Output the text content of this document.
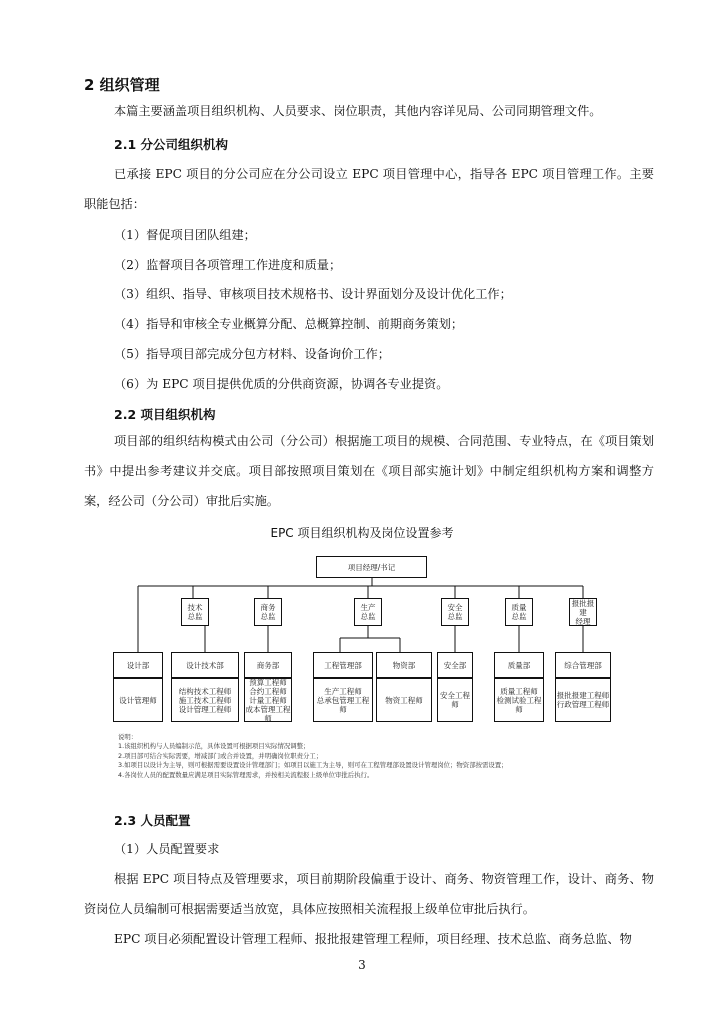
2 组织管理
本篇主要涵盖项目组织机构、人员要求、岗位职责，其他内容详见局、公司同期管理文件。
2.1 分公司组织机构
已承接 EPC 项目的分公司应在分公司设立 EPC 项目管理中心，指导各 EPC 项目管理工作。主要职能包括：
（1）督促项目团队组建；
（2）监督项目各项管理工作进度和质量；
（3）组织、指导、审核项目技术规格书、设计界面划分及设计优化工作；
（4）指导和审核全专业概算分配、总概算控制、前期商务策划；
（5）指导项目部完成分包方材料、设备询价工作；
（6）为 EPC 项目提供优质的分供商资源，协调各专业提资。
2.2 项目组织机构
项目部的组织结构模式由公司（分公司）根据施工项目的规模、合同范围、专业特点，在《项目策划书》中提出参考建议并交底。项目部按照项目策划在《项目部实施计划》中制定组织机构方案和调整方案，经公司（分公司）审批后实施。
EPC 项目组织机构及岗位设置参考
项目经理/书记
技术
总监
商务
总监
生产
总监
安全
总监
质量
总监
报批报建
经理
设计部	设计技术部	商务部	工程管理部	物资部	安全部	质量部	综合管理部
设计管理师
结构技术工程师
施工技术工程师
设计管理工程师
预算工程师
合约工程师
计量工程师
成本管理工程师
生产工程师
总承包管理工程师
物资工程师	安全工程师
质量工程师
检测试验工程师
报批报建工程师
行政管理工程师
说明：
1.该组织机构与人员编制示范，具体设置可根据项目实际情况调整；
2.项目部可结合实际需要，增减部门或合并设置，并明确岗位职责分工；
3.如项目以设计为主导，则可根据需要设置设计管理部门；如项目以施工为主导，则可在工程管理部设置设计管理岗位；物资部按需设置；
4.各岗位人员的配置数量应满足项目实际管理需求，并按相关流程报上级单位审批后执行。
2.3 人员配置
（1）人员配置要求
根据 EPC 项目特点及管理要求，项目前期阶段偏重于设计、商务、物资管理工作，设计、商务、物资岗位人员编制可根据需要适当放宽，具体应按照相关流程报上级单位审批后执行。
EPC 项目必须配置设计管理工程师、报批报建管理工程师，项目经理、技术总监、商务总监、物
3
